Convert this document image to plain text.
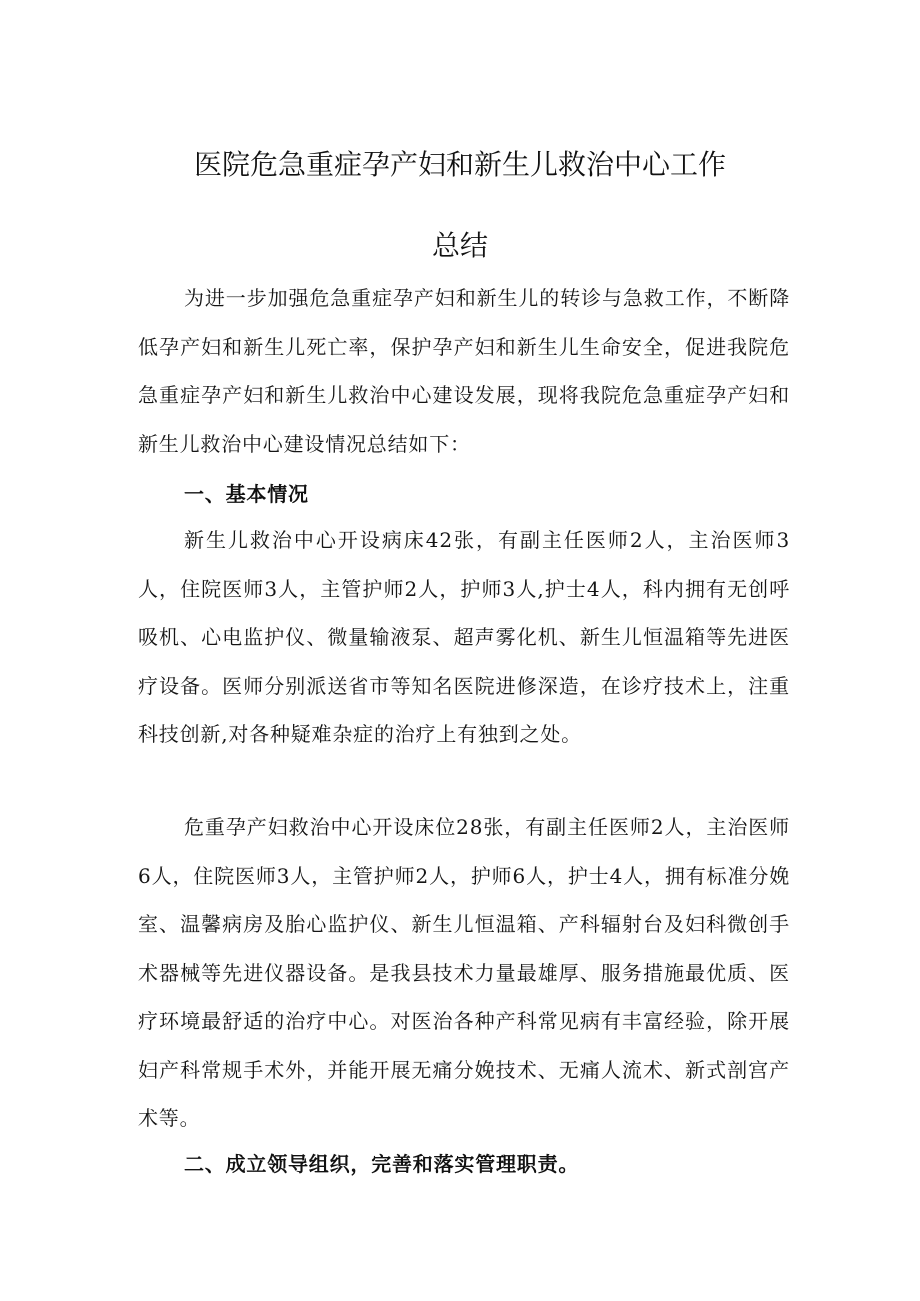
医院危急重症孕产妇和新生儿救治中心工作
总结

为进一步加强危急重症孕产妇和新生儿的转诊与急救工作，不断降低孕产妇和新生儿死亡率，保护孕产妇和新生儿生命安全，促进我院危急重症孕产妇和新生儿救治中心建设发展，现将我院危急重症孕产妇和新生儿救治中心建设情况总结如下：

一、基本情况

新生儿救治中心开设病床42张，有副主任医师2人，主治医师3人，住院医师3人，主管护师2人，护师3人,护士4人，科内拥有无创呼吸机、心电监护仪、微量输液泵、超声雾化机、新生儿恒温箱等先进医疗设备。医师分别派送省市等知名医院进修深造，在诊疗技术上，注重科技创新,对各种疑难杂症的治疗上有独到之处。

危重孕产妇救治中心开设床位28张，有副主任医师2人，主治医师6人，住院医师3人，主管护师2人，护师6人，护士4人，拥有标准分娩室、温馨病房及胎心监护仪、新生儿恒温箱、产科辐射台及妇科微创手术器械等先进仪器设备。是我县技术力量最雄厚、服务措施最优质、医疗环境最舒适的治疗中心。对医治各种产科常见病有丰富经验，除开展妇产科常规手术外，并能开展无痛分娩技术、无痛人流术、新式剖宫产术等。

二、成立领导组织，完善和落实管理职责。
